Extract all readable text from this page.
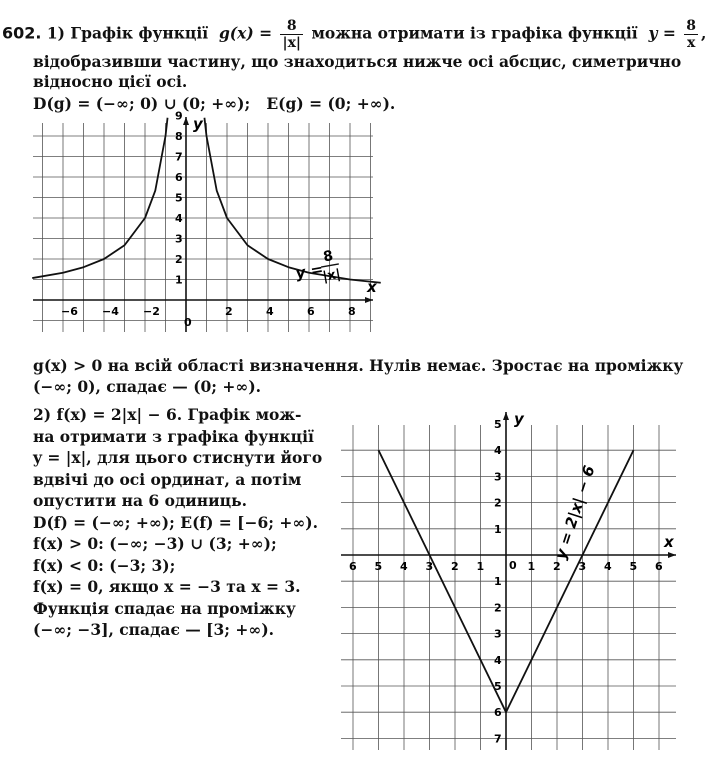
602. 1) Графік функції $g(x) = \frac{8}{|x|}$ можна отримати із графіка функції $y = \frac{8}{x}$ ,
відобразивши частину, що знаходиться нижче осі абсцис, симетрично
відносно цієї осі.
D(g) = (−∞; 0) ∪ (0; +∞);   E(g) = (0; +∞).
x
y
0
−6 −4 −2	2	4	6	8
1
2
3
4
5
6
7
8
9
y =
8
|x|
g(x) > 0 на всій області визначення. Нулів немає. Зростає на проміжку
(−∞; 0), спадає — (0; +∞).
2) f(x) = 2|x| − 6. Графік мож-
на отримати з графіка функції
y = |x|, для цього стиснути його
вдвічі до осі ординат, а потім
опустити на 6 одиниць.
D(f) = (−∞; +∞); E(f) = [−6; +∞).
f(x) > 0: (−∞; −3) ∪ (3; +∞);
f(x) < 0: (−3; 3);
f(x) = 0, якщо x = −3 та x = 3.
Функція спадає на проміжку
(−∞; −3], спадає — [3; +∞).
x
y
0
6 5 4 3 2 1	1 2 3 4 5 6
5
4
3
2
1
1
2
3
4
5
6
7
y = 2|x| − 6
